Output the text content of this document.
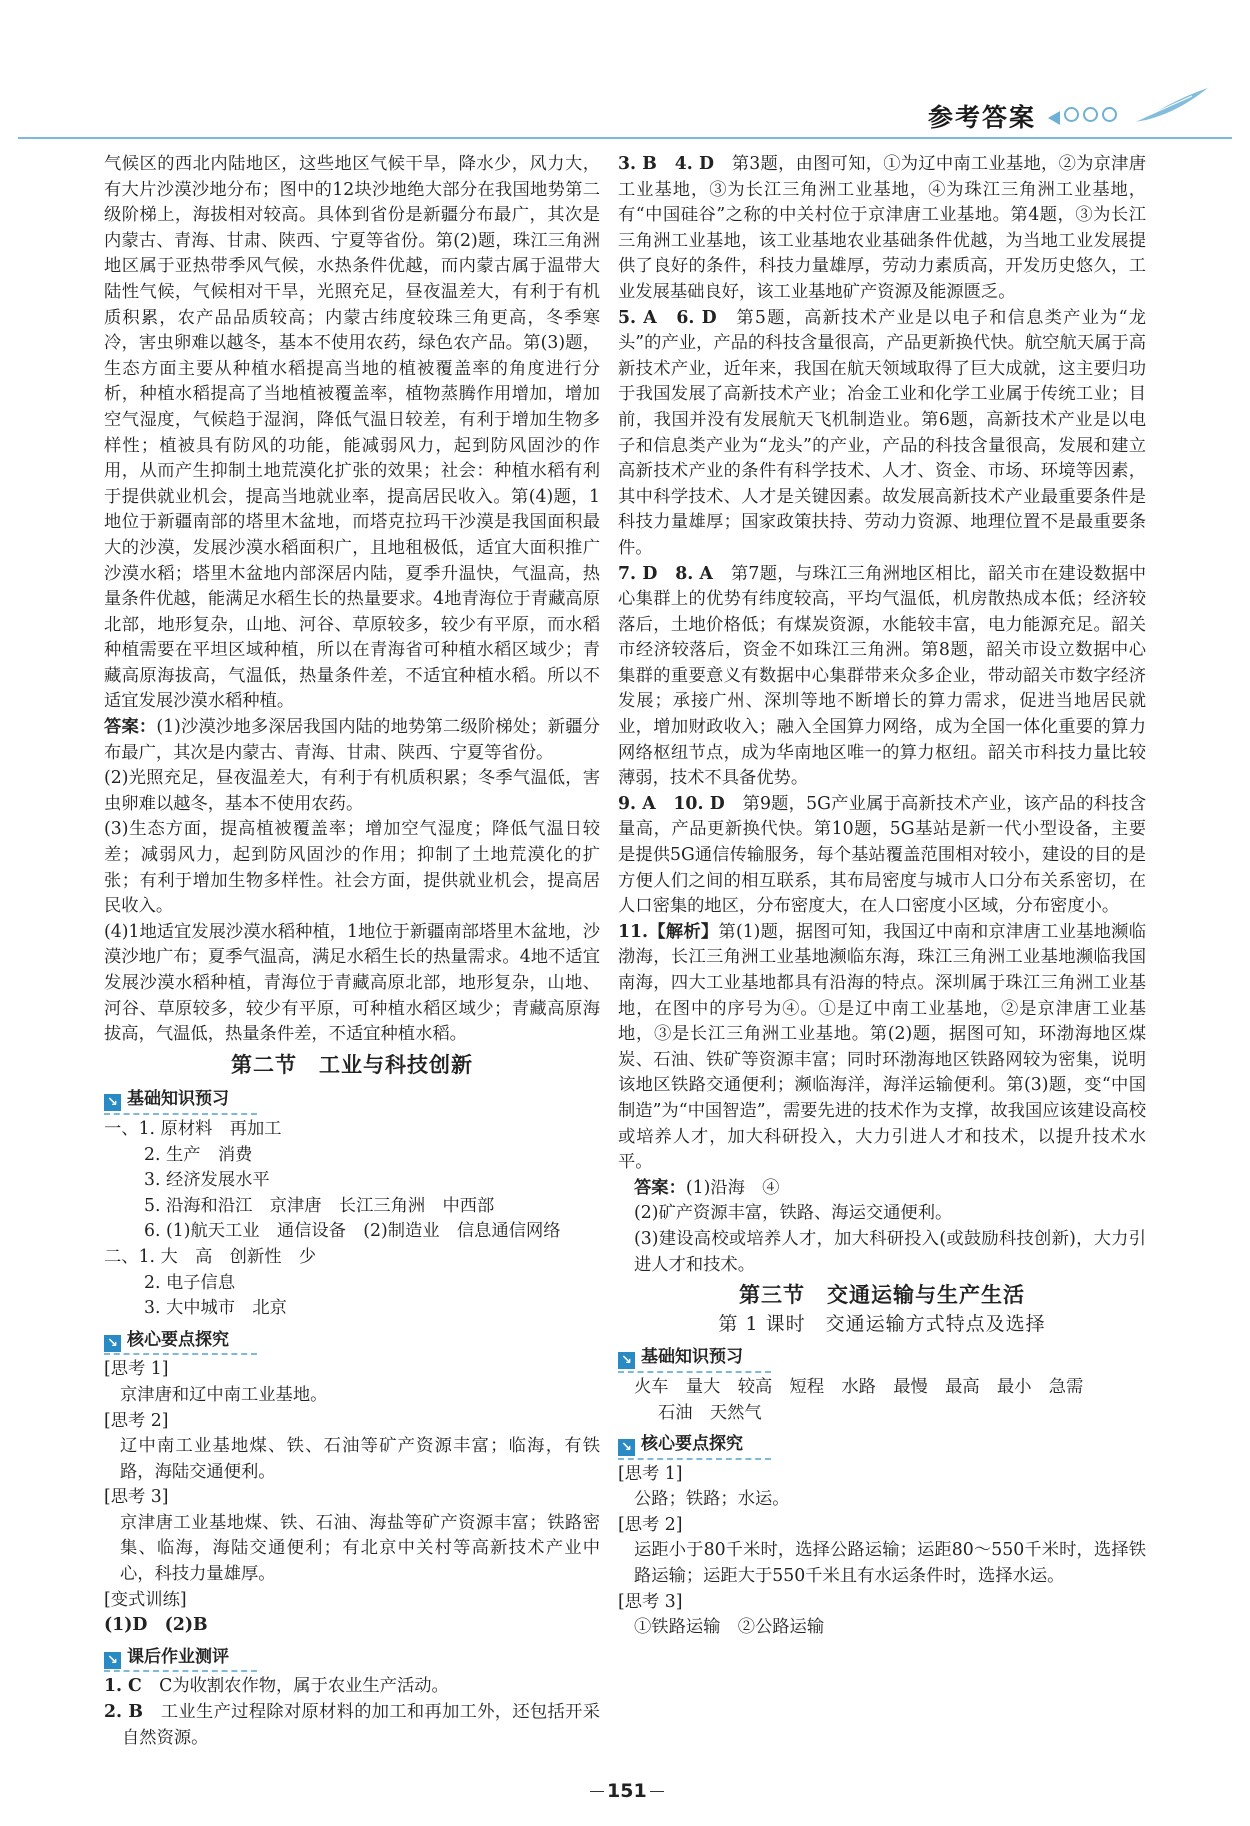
参考答案
气候区的西北内陆地区，这些地区气候干旱，降水少，风力大，有大片沙漠沙地分布；图中的12块沙地绝大部分在我国地势第二级阶梯上，海拔相对较高。具体到省份是新疆分布最广，其次是内蒙古、青海、甘肃、陕西、宁夏等省份。第(2)题，珠江三角洲地区属于亚热带季风气候，水热条件优越，而内蒙古属于温带大陆性气候，气候相对干旱，光照充足，昼夜温差大，有利于有机质积累，农产品品质较高；内蒙古纬度较珠三角更高，冬季寒冷，害虫卵难以越冬，基本不使用农药，绿色农产品。第(3)题，生态方面主要从种植水稻提高当地的植被覆盖率的角度进行分析，种植水稻提高了当地植被覆盖率，植物蒸腾作用增加，增加空气湿度，气候趋于湿润，降低气温日较差，有利于增加生物多样性；植被具有防风的功能，能减弱风力，起到防风固沙的作用，从而产生抑制土地荒漠化扩张的效果；社会：种植水稻有利于提供就业机会，提高当地就业率，提高居民收入。第(4)题，1地位于新疆南部的塔里木盆地，而塔克拉玛干沙漠是我国面积最大的沙漠，发展沙漠水稻面积广，且地租极低，适宜大面积推广沙漠水稻；塔里木盆地内部深居内陆，夏季升温快，气温高，热量条件优越，能满足水稻生长的热量要求。4地青海位于青藏高原北部，地形复杂，山地、河谷、草原较多，较少有平原，而水稻种植需要在平坦区域种植，所以在青海省可种植水稻区域少；青藏高原海拔高，气温低，热量条件差，不适宜种植水稻。所以不适宜发展沙漠水稻种植。
答案：(1)沙漠沙地多深居我国内陆的地势第二级阶梯处；新疆分布最广，其次是内蒙古、青海、甘肃、陕西、宁夏等省份。
(2)光照充足，昼夜温差大，有利于有机质积累；冬季气温低，害虫卵难以越冬，基本不使用农药。
(3)生态方面，提高植被覆盖率；增加空气湿度；降低气温日较差；减弱风力，起到防风固沙的作用；抑制了土地荒漠化的扩张；有利于增加生物多样性。社会方面，提供就业机会，提高居民收入。
(4)1地适宜发展沙漠水稻种植，1地位于新疆南部塔里木盆地，沙漠沙地广布；夏季气温高，满足水稻生长的热量需求。4地不适宜发展沙漠水稻种植，青海位于青藏高原北部，地形复杂，山地、河谷、草原较多，较少有平原，可种植水稻区域少；青藏高原海拔高，气温低，热量条件差，不适宜种植水稻。
第二节　工业与科技创新
↘ 基础知识预习
一、1. 原材料　再加工
2. 生产　消费
3. 经济发展水平
5. 沿海和沿江　京津唐　长江三角洲　中西部
6. (1)航天工业　通信设备　(2)制造业　信息通信网络
二、1. 大　高　创新性　少
2. 电子信息
3. 大中城市　北京
↘ 核心要点探究
[思考 1]
京津唐和辽中南工业基地。
[思考 2]
辽中南工业基地煤、铁、石油等矿产资源丰富；临海，有铁路，海陆交通便利。
[思考 3]
京津唐工业基地煤、铁、石油、海盐等矿产资源丰富；铁路密集、临海，海陆交通便利；有北京中关村等高新技术产业中心，科技力量雄厚。
[变式训练]
(1)D　(2)B
↘ 课后作业测评
1. C　 C为收割农作物，属于农业生产活动。
2. B　 工业生产过程除对原材料的加工和再加工外，还包括开采自然资源。
3. B　4. D　 第3题，由图可知，①为辽中南工业基地，②为京津唐工业基地，③为长江三角洲工业基地，④为珠江三角洲工业基地，有“中国硅谷”之称的中关村位于京津唐工业基地。第4题，③为长江三角洲工业基地，该工业基地农业基础条件优越，为当地工业发展提供了良好的条件，科技力量雄厚，劳动力素质高，开发历史悠久，工业发展基础良好，该工业基地矿产资源及能源匮乏。
5. A　6. D　 第5题，高新技术产业是以电子和信息类产业为“龙头”的产业，产品的科技含量很高，产品更新换代快。航空航天属于高新技术产业，近年来，我国在航天领域取得了巨大成就，这主要归功于我国发展了高新技术产业；冶金工业和化学工业属于传统工业；目前，我国并没有发展航天飞机制造业。第6题，高新技术产业是以电子和信息类产业为“龙头”的产业，产品的科技含量很高，发展和建立高新技术产业的条件有科学技术、人才、资金、市场、环境等因素，其中科学技术、人才是关键因素。故发展高新技术产业最重要条件是科技力量雄厚；国家政策扶持、劳动力资源、地理位置不是最重要条件。
7. D　8. A　 第7题，与珠江三角洲地区相比，韶关市在建设数据中心集群上的优势有纬度较高，平均气温低，机房散热成本低；经济较落后，土地价格低；有煤炭资源，水能较丰富，电力能源充足。韶关市经济较落后，资金不如珠江三角洲。第8题，韶关市设立数据中心集群的重要意义有数据中心集群带来众多企业，带动韶关市数字经济发展；承接广州、深圳等地不断增长的算力需求，促进当地居民就业，增加财政收入；融入全国算力网络，成为全国一体化重要的算力网络枢纽节点，成为华南地区唯一的算力枢纽。韶关市科技力量比较薄弱，技术不具备优势。
9. A　10. D　 第9题，5G产业属于高新技术产业，该产品的科技含量高，产品更新换代快。第10题，5G基站是新一代小型设备，主要是提供5G通信传输服务，每个基站覆盖范围相对较小，建设的目的是方便人们之间的相互联系，其布局密度与城市人口分布关系密切，在人口密集的地区，分布密度大，在人口密度小区域，分布密度小。
11.【解析】第(1)题，据图可知，我国辽中南和京津唐工业基地濒临渤海，长江三角洲工业基地濒临东海，珠江三角洲工业基地濒临我国南海，四大工业基地都具有沿海的特点。深圳属于珠江三角洲工业基地，在图中的序号为④。①是辽中南工业基地，②是京津唐工业基地，③是长江三角洲工业基地。第(2)题，据图可知，环渤海地区煤炭、石油、铁矿等资源丰富；同时环渤海地区铁路网较为密集，说明该地区铁路交通便利；濒临海洋，海洋运输便利。第(3)题，变“中国制造”为“中国智造”，需要先进的技术作为支撑，故我国应该建设高校或培养人才，加大科研投入，大力引进人才和技术，以提升技术水平。
答案：(1)沿海　④
(2)矿产资源丰富，铁路、海运交通便利。
(3)建设高校或培养人才，加大科研投入(或鼓励科技创新)，大力引进人才和技术。
第三节　交通运输与生产生活
第 1 课时　交通运输方式特点及选择
↘ 基础知识预习
火车　量大　较高　短程　水路　最慢　最高　最小　急需
石油　天然气
↘ 核心要点探究
[思考 1]
公路；铁路；水运。
[思考 2]
运距小于80千米时，选择公路运输；运距80～550千米时，选择铁路运输；运距大于550千米且有水运条件时，选择水运。
[思考 3]
①铁路运输　②公路运输
151
